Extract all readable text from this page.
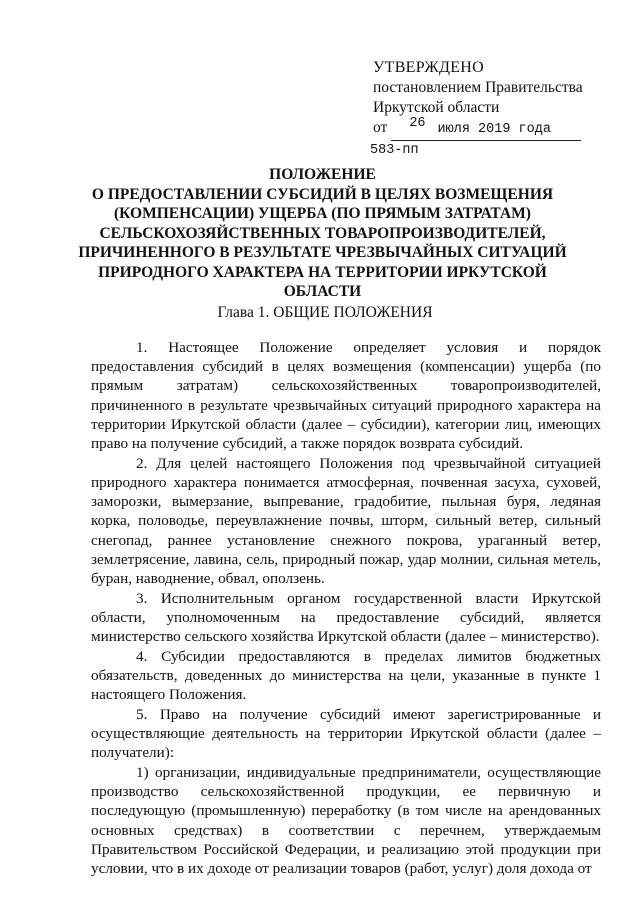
УТВЕРЖДЕНО
постановлением Правительства
Иркутской области
от 26 июля 2019 года
583-пп
ПОЛОЖЕНИЕ
О ПРЕДОСТАВЛЕНИИ СУБСИДИЙ В ЦЕЛЯХ ВОЗМЕЩЕНИЯ
(КОМПЕНСАЦИИ) УЩЕРБА (ПО ПРЯМЫМ ЗАТРАТАМ)
СЕЛЬСКОХОЗЯЙСТВЕННЫХ ТОВАРОПРОИЗВОДИТЕЛЕЙ,
ПРИЧИНЕННОГО В РЕЗУЛЬТАТЕ ЧРЕЗВЫЧАЙНЫХ СИТУАЦИЙ
ПРИРОДНОГО ХАРАКТЕРА НА ТЕРРИТОРИИ ИРКУТСКОЙ
ОБЛАСТИ
Глава 1. ОБЩИЕ ПОЛОЖЕНИЯ

1. Настоящее Положение определяет условия и порядок предоставления субсидий в целях возмещения (компенсации) ущерба (по прямым затратам) сельскохозяйственных товаропроизводителей, причиненного в результате чрезвычайных ситуаций природного характера на территории Иркутской области (далее – субсидии), категории лиц, имеющих право на получение субсидий, а также порядок возврата субсидий.

2. Для целей настоящего Положения под чрезвычайной ситуацией природного характера понимается атмосферная, почвенная засуха, суховей, заморозки, вымерзание, выпревание, градобитие, пыльная буря, ледяная корка, половодье, переувлажнение почвы, шторм, сильный ветер, сильный снегопад, раннее установление снежного покрова, ураганный ветер, землетрясение, лавина, сель, природный пожар, удар молнии, сильная метель, буран, наводнение, обвал, оползень.

3. Исполнительным органом государственной власти Иркутской области, уполномоченным на предоставление субсидий, является министерство сельского хозяйства Иркутской области (далее – министерство).

4. Субсидии предоставляются в пределах лимитов бюджетных обязательств, доведенных до министерства на цели, указанные в пункте 1 настоящего Положения.

5. Право на получение субсидий имеют зарегистрированные и осуществляющие деятельность на территории Иркутской области (далее – получатели):

1) организации, индивидуальные предприниматели, осуществляющие производство сельскохозяйственной продукции, ее первичную и последующую (промышленную) переработку (в том числе на арендованных основных средствах) в соответствии с перечнем, утверждаемым Правительством Российской Федерации, и реализацию этой продукции при условии, что в их доходе от реализации товаров (работ, услуг) доля дохода от
